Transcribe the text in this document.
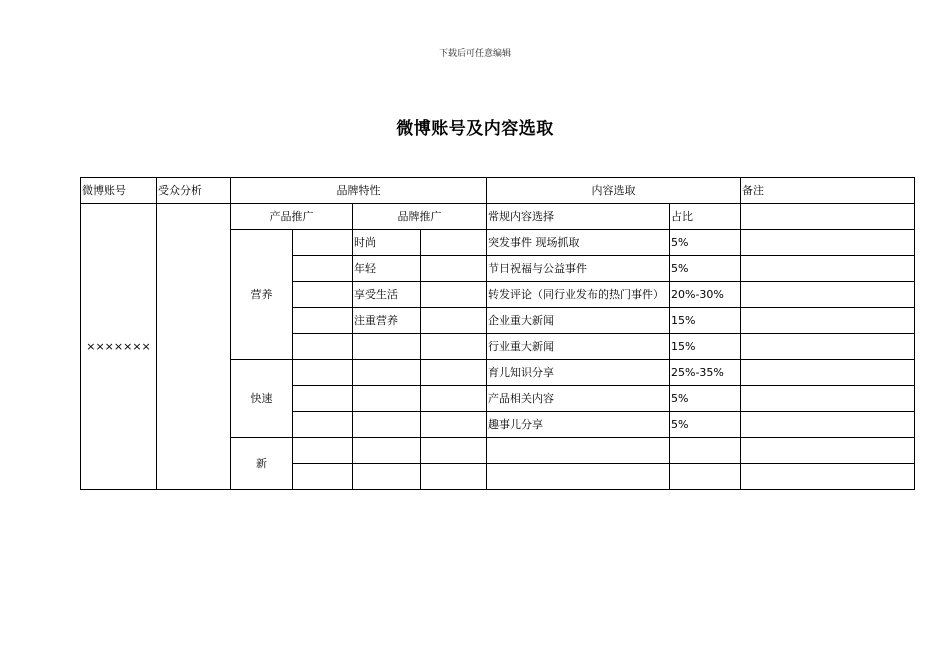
下载后可任意编辑
微博账号及内容选取
微博账号	受众分析	品牌特性				内容选取		备注
×××××××		产品推广		品牌推广		常规内容选择	占比	
		营养		时尚		突发事件 现场抓取	5%	
				年轻		节日祝福与公益事件	5%	
				享受生活		转发评论（同行业发布的热门事件）	20%-30%	
				注重营养		企业重大新闻	15%	
						行业重大新闻	15%	
		快速				育儿知识分享	25%-35%	
						产品相关内容	5%	
						趣事儿分享	5%	
		新						
